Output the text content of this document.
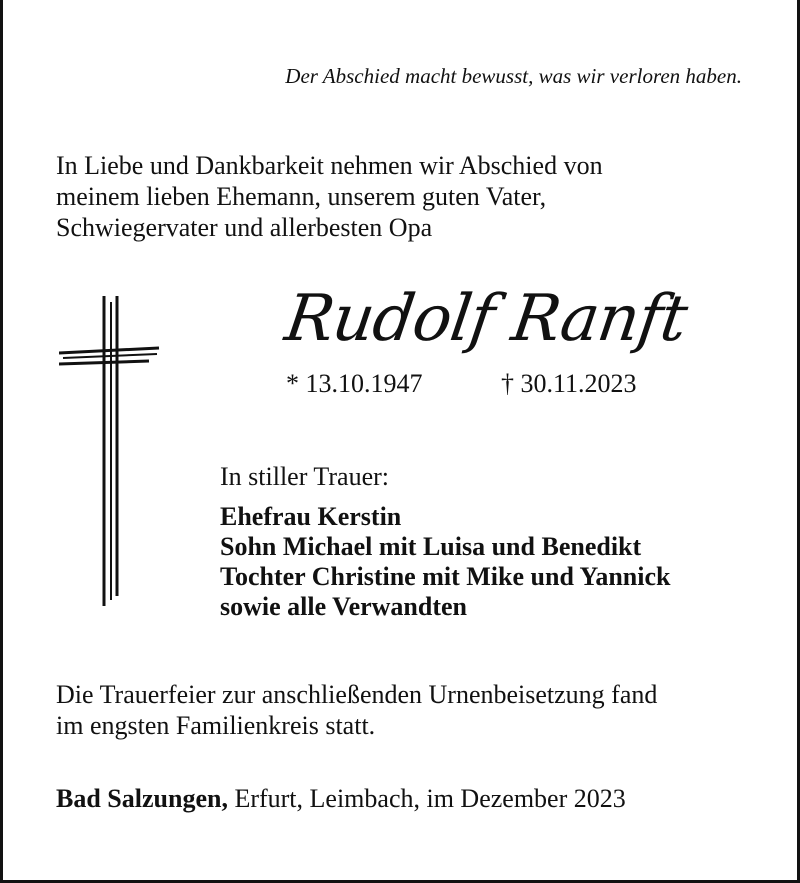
Der Abschied macht bewusst, was wir verloren haben.
In Liebe und Dankbarkeit nehmen wir Abschied von
meinem lieben Ehemann, unserem guten Vater,
Schwiegervater und allerbesten Opa
Rudolf Ranft
* 13.10.1947	† 30.11.2023
In stiller Trauer:
Ehefrau Kerstin
Sohn Michael mit Luisa und Benedikt
Tochter Christine mit Mike und Yannick
sowie alle Verwandten
Die Trauerfeier zur anschließenden Urnenbeisetzung fand
im engsten Familienkreis statt.
Bad Salzungen, Erfurt, Leimbach, im Dezember 2023
